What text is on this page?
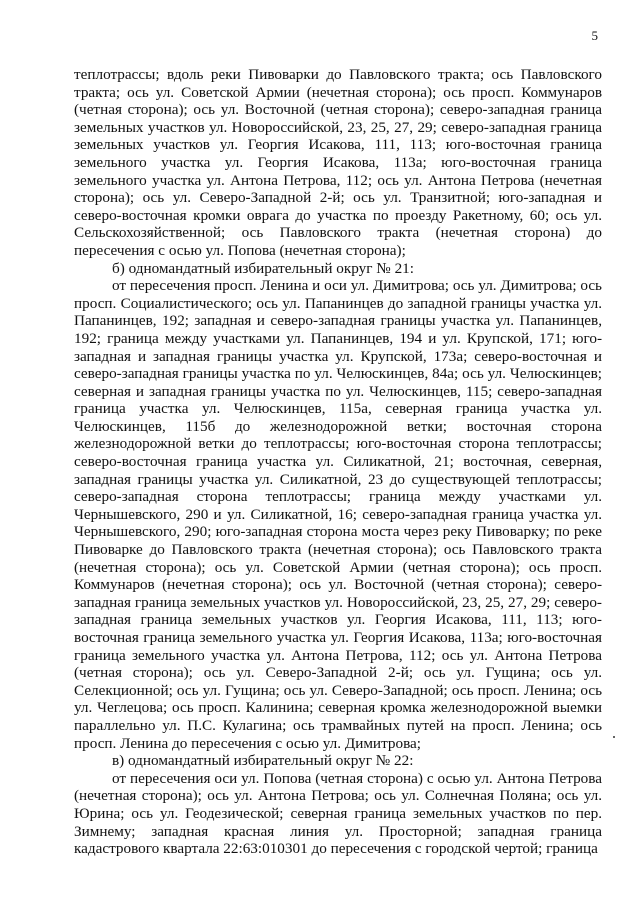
5

теплотрассы; вдоль реки Пивоварки до Павловского тракта; ось Павловского тракта; ось ул. Советской Армии (нечетная сторона); ось просп. Коммунаров (четная сторона); ось ул. Восточной (четная сторона); северо-западная граница земельных участков ул. Новороссийской, 23, 25, 27, 29; северо-западная граница земельных участков ул. Георгия Исакова, 111, 113; юго-восточная граница земельного участка ул. Георгия Исакова, 113а; юго-восточная граница земельного участка ул. Антона Петрова, 112; ось ул. Антона Петрова (нечетная сторона); ось ул. Северо-Западной 2-й; ось ул. Транзитной; юго-западная и северо-восточная кромки оврага до участка по проезду Ракетному, 60; ось ул. Сельскохозяйственной; ось Павловского тракта (нечетная сторона) до пересечения с осью ул. Попова (нечетная сторона);

б) одномандатный избирательный округ № 21:

от пересечения просп. Ленина и оси ул. Димитрова; ось ул. Димитрова; ось просп. Социалистического; ось ул. Папанинцев до западной границы участка ул. Папанинцев, 192; западная и северо-западная границы участка ул. Папанинцев, 192; граница между участками ул. Папанинцев, 194 и ул. Крупской, 171; юго-западная и западная границы участка ул. Крупской, 173а; северо-восточная и северо-западная границы участка по ул. Челюскинцев, 84а; ось ул. Челюскинцев; северная и западная границы участка по ул. Челюскинцев, 115; северо-западная граница участка ул. Челюскинцев, 115а, северная граница участка ул. Челюскинцев, 115б до железнодорожной ветки; восточная сторона железнодорожной ветки до теплотрассы; юго-восточная сторона теплотрассы; северо-восточная граница участка ул. Силикатной, 21; восточная, северная, западная границы участка ул. Силикатной, 23 до существующей теплотрассы; северо-западная сторона теплотрассы; граница между участками ул. Чернышевского, 290 и ул. Силикатной, 16; северо-западная граница участка ул. Чернышевского, 290; юго-западная сторона моста через реку Пивоварку; по реке Пивоварке до Павловского тракта (нечетная сторона); ось Павловского тракта (нечетная сторона); ось ул. Советской Армии (четная сторона); ось просп. Коммунаров (нечетная сторона); ось ул. Восточной (четная сторона); северо-западная граница земельных участков ул. Новороссийской, 23, 25, 27, 29; северо-западная граница земельных участков ул. Георгия Исакова, 111, 113; юго-восточная граница земельного участка ул. Георгия Исакова, 113а; юго-восточная граница земельного участка ул. Антона Петрова, 112; ось ул. Антона Петрова (четная сторона); ось ул. Северо-Западной 2-й; ось ул. Гущина; ось ул. Селекционной; ось ул. Гущина; ось ул. Северо-Западной; ось просп. Ленина; ось ул. Чеглецова; ось просп. Калинина; северная кромка железнодорожной выемки параллельно ул. П.С. Кулагина; ось трамвайных путей на просп. Ленина; ось просп. Ленина до пересечения с осью ул. Димитрова;

в) одномандатный избирательный округ № 22:

от пересечения оси ул. Попова (четная сторона) с осью ул. Антона Петрова (нечетная сторона); ось ул. Антона Петрова; ось ул. Солнечная Поляна; ось ул. Юрина; ось ул. Геодезической; северная граница земельных участков по пер. Зимнему; западная красная линия ул. Просторной; западная граница кадастрового квартала 22:63:010301 до пересечения с городской чертой; граница
